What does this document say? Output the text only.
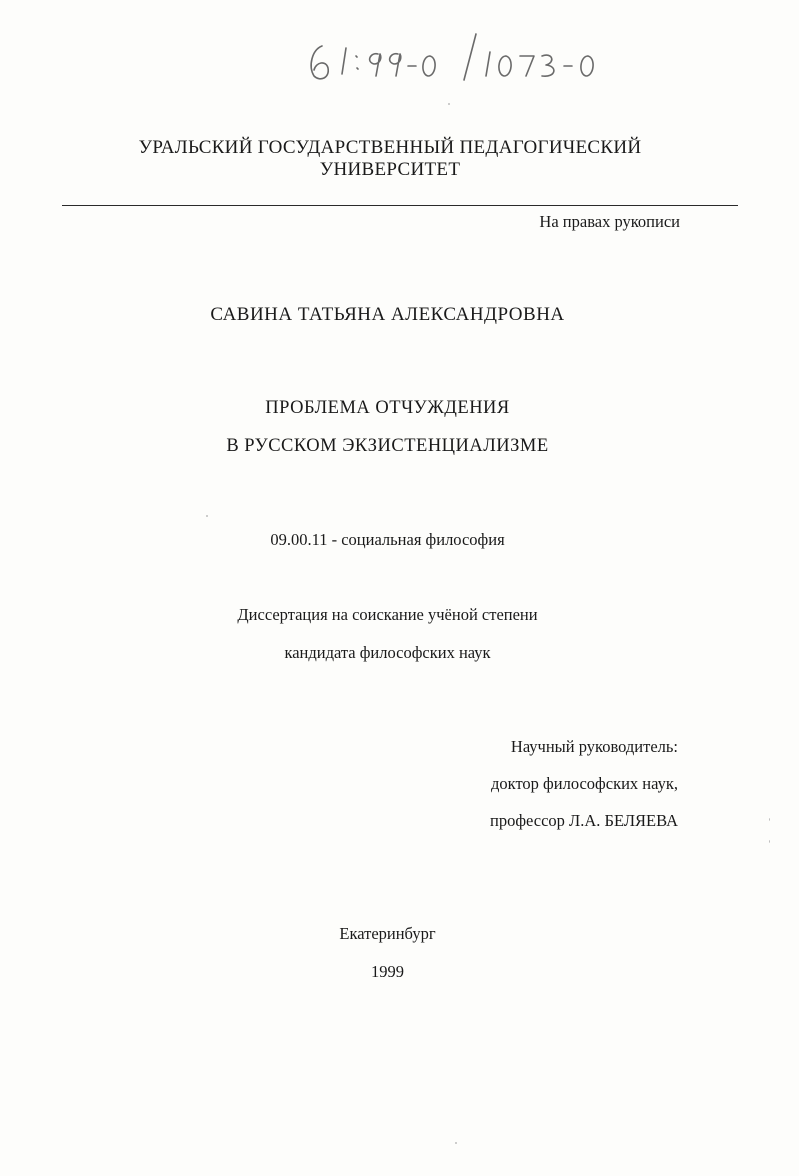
УРАЛЬСКИЙ ГОСУДАРСТВЕННЫЙ ПЕДАГОГИЧЕСКИЙ
УНИВЕРСИТЕТ
На правах рукописи
САВИНА ТАТЬЯНА АЛЕКСАНДРОВНА
ПРОБЛЕМА ОТЧУЖДЕНИЯ
В РУССКОМ ЭКЗИСТЕНЦИАЛИЗМЕ
09.00.11 - социальная философия
Диссертация на соискание учёной степени
кандидата философских наук
Научный руководитель:
доктор философских наук,
профессор Л.А. БЕЛЯЕВА
Екатеринбург
1999
